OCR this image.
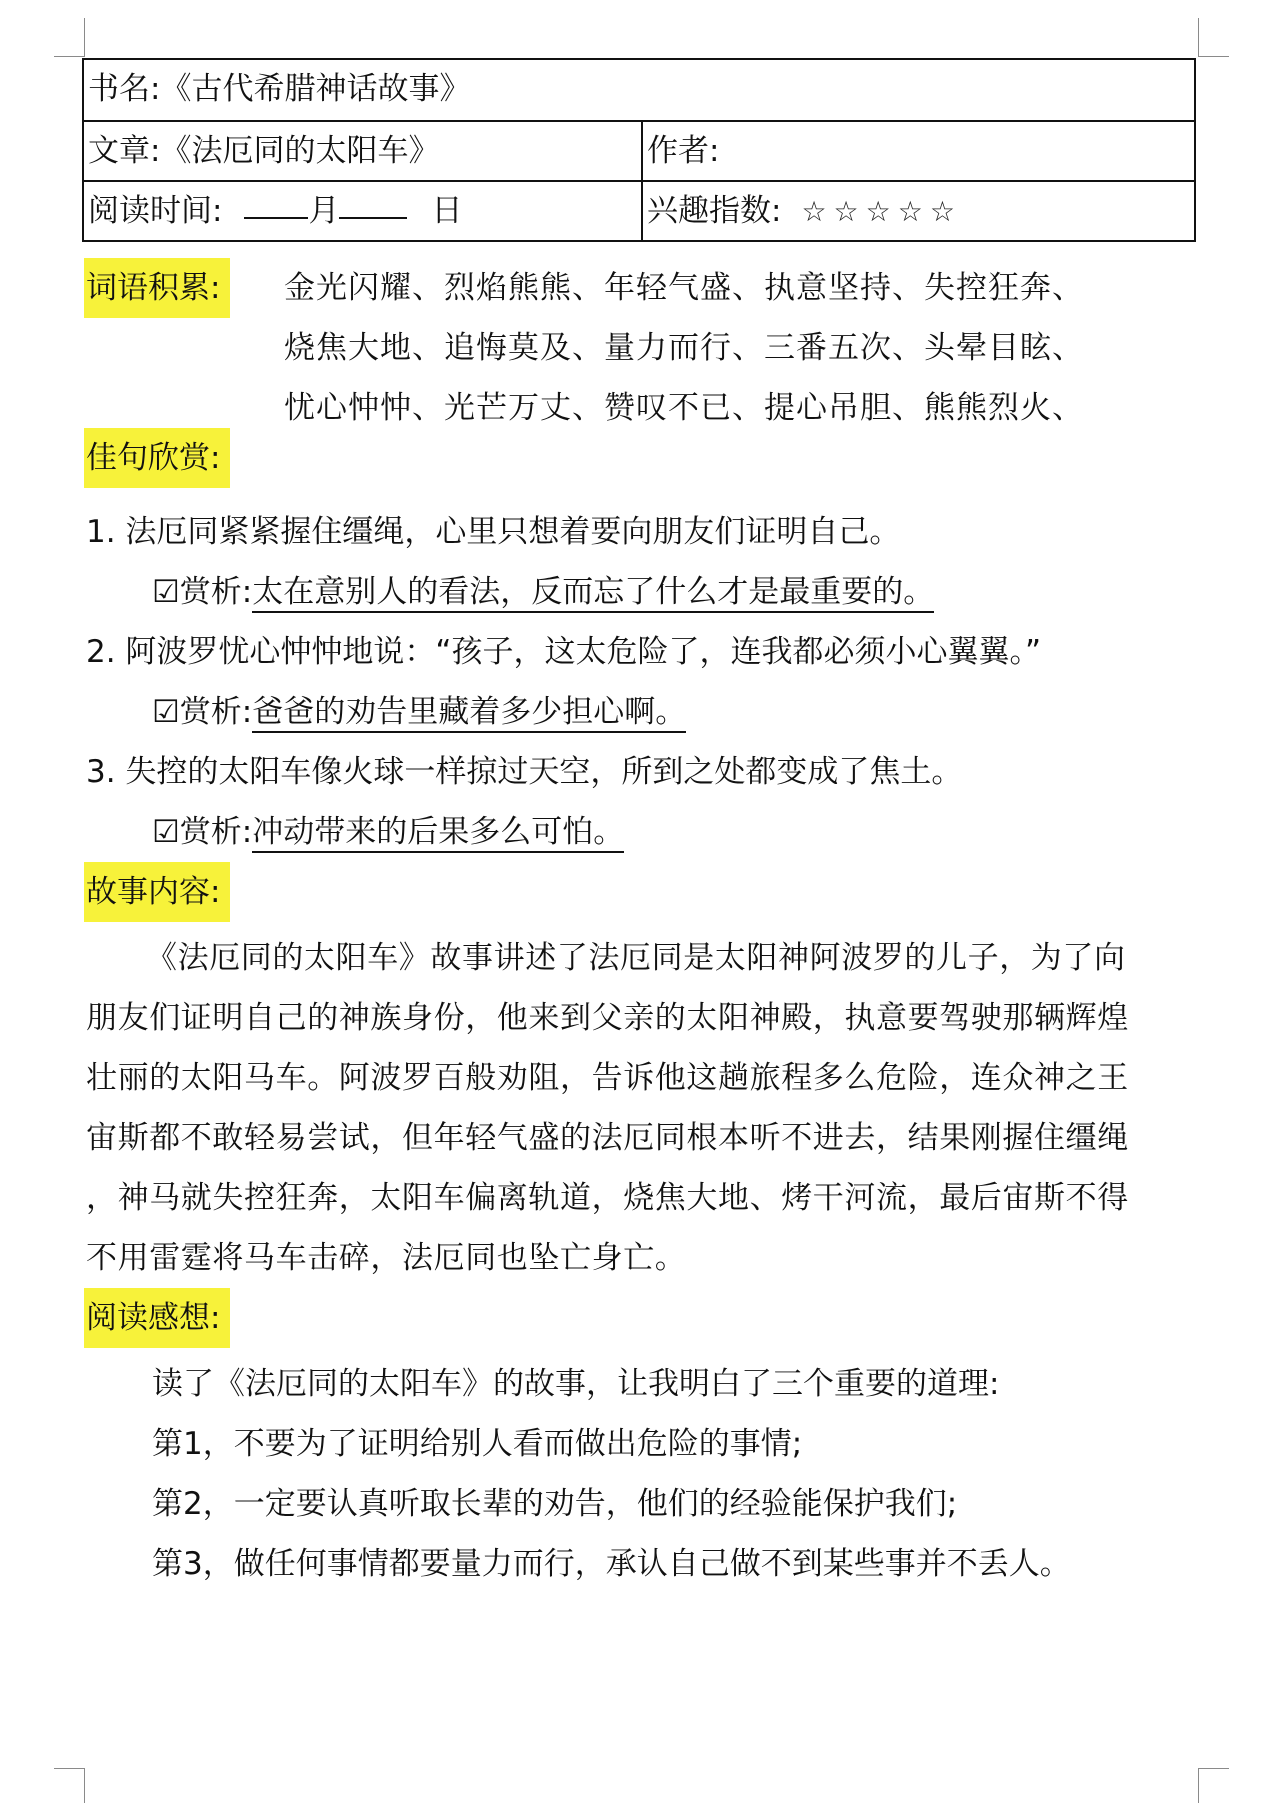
书名:《古代希腊神话故事》
文章:《法厄同的太阳车》	作者:
阅读时间:	月	日	兴趣指数: ☆☆☆☆☆
词语积累:	金光闪耀、烈焰熊熊、年轻气盛、执意坚持、失控狂奔、
烧焦大地、追悔莫及、量力而行、三番五次、头晕目眩、
忧心忡忡、光芒万丈、赞叹不已、提心吊胆、熊熊烈火、
佳句欣赏:
1. 法厄同紧紧握住缰绳，心里只想着要向朋友们证明自己。
☑赏析:太在意别人的看法，反而忘了什么才是最重要的。
2. 阿波罗忧心忡忡地说：“孩子，这太危险了，连我都必须小心翼翼。”
☑赏析:爸爸的劝告里藏着多少担心啊。
3. 失控的太阳车像火球一样掠过天空，所到之处都变成了焦土。
☑赏析:冲动带来的后果多么可怕。
故事内容:
《法厄同的太阳车》故事讲述了法厄同是太阳神阿波罗的儿子，为了向
朋友们证明自己的神族身份，他来到父亲的太阳神殿，执意要驾驶那辆辉煌
壮丽的太阳马车。阿波罗百般劝阻，告诉他这趟旅程多么危险，连众神之王
宙斯都不敢轻易尝试，但年轻气盛的法厄同根本听不进去，结果刚握住缰绳
，神马就失控狂奔，太阳车偏离轨道，烧焦大地、烤干河流，最后宙斯不得
不用雷霆将马车击碎，法厄同也坠亡身亡。
阅读感想:
读了《法厄同的太阳车》的故事，让我明白了三个重要的道理:
第1，不要为了证明给别人看而做出危险的事情;
第2，一定要认真听取长辈的劝告，他们的经验能保护我们;
第3，做任何事情都要量力而行，承认自己做不到某些事并不丢人。
